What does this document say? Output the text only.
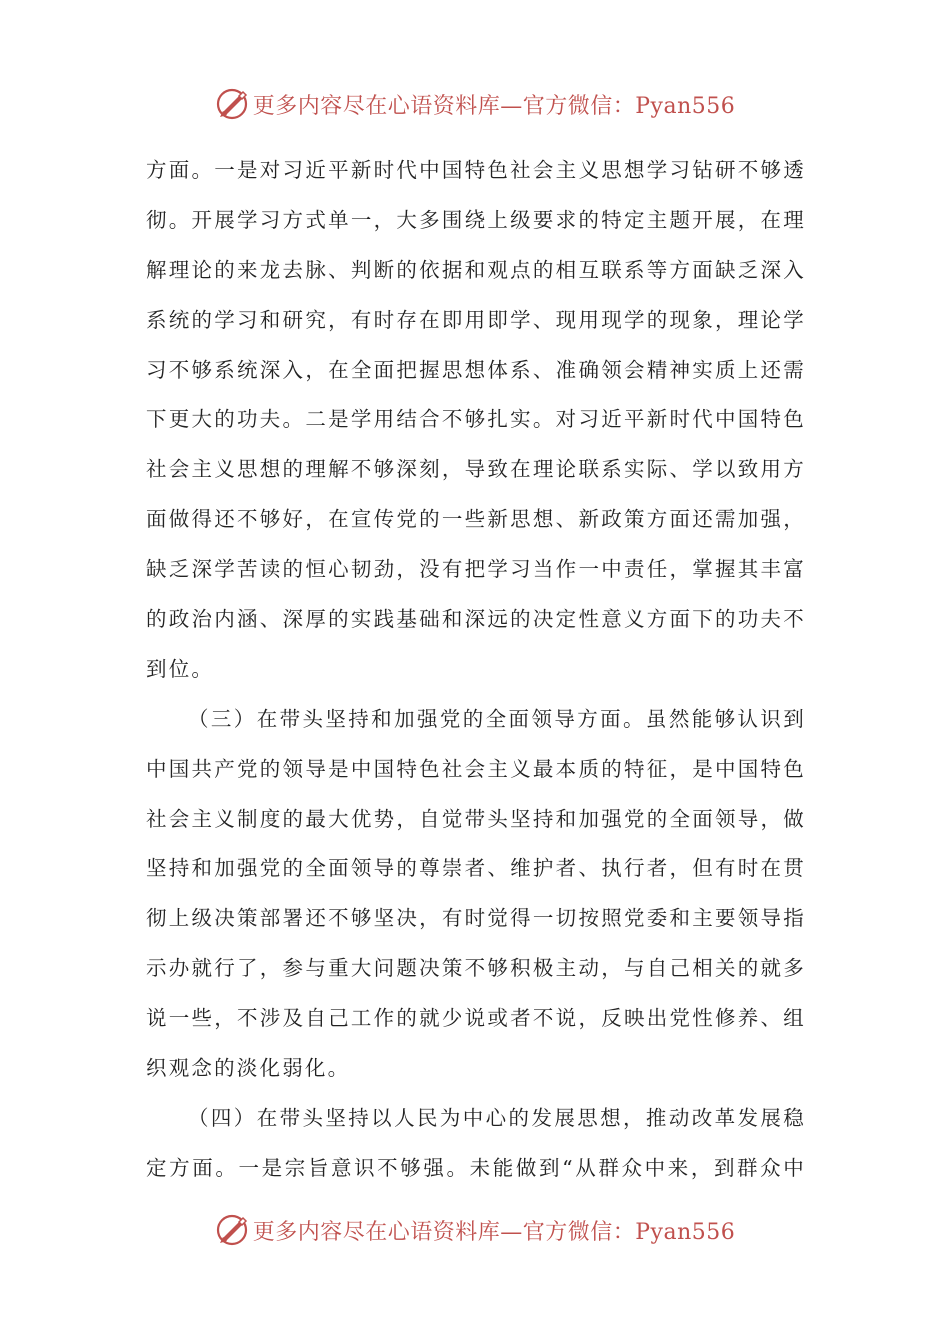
更多内容尽在心语资料库—官方微信：Pyan556
方面。一是对习近平新时代中国特色社会主义思想学习钻研不够透
彻。开展学习方式单一，大多围绕上级要求的特定主题开展，在理
解理论的来龙去脉、判断的依据和观点的相互联系等方面缺乏深入
系统的学习和研究，有时存在即用即学、现用现学的现象，理论学
习不够系统深入，在全面把握思想体系、准确领会精神实质上还需
下更大的功夫。二是学用结合不够扎实。对习近平新时代中国特色
社会主义思想的理解不够深刻，导致在理论联系实际、学以致用方
面做得还不够好，在宣传党的一些新思想、新政策方面还需加强，
缺乏深学苦读的恒心韧劲，没有把学习当作一中责任，掌握其丰富
的政治内涵、深厚的实践基础和深远的决定性意义方面下的功夫不
到位。
（三）在带头坚持和加强党的全面领导方面。虽然能够认识到
中国共产党的领导是中国特色社会主义最本质的特征，是中国特色
社会主义制度的最大优势，自觉带头坚持和加强党的全面领导，做
坚持和加强党的全面领导的尊崇者、维护者、执行者，但有时在贯
彻上级决策部署还不够坚决，有时觉得一切按照党委和主要领导指
示办就行了，参与重大问题决策不够积极主动，与自己相关的就多
说一些，不涉及自己工作的就少说或者不说，反映出党性修养、组
织观念的淡化弱化。
（四）在带头坚持以人民为中心的发展思想，推动改革发展稳
定方面。一是宗旨意识不够强。未能做到“从群众中来，到群众中
更多内容尽在心语资料库—官方微信：Pyan556
